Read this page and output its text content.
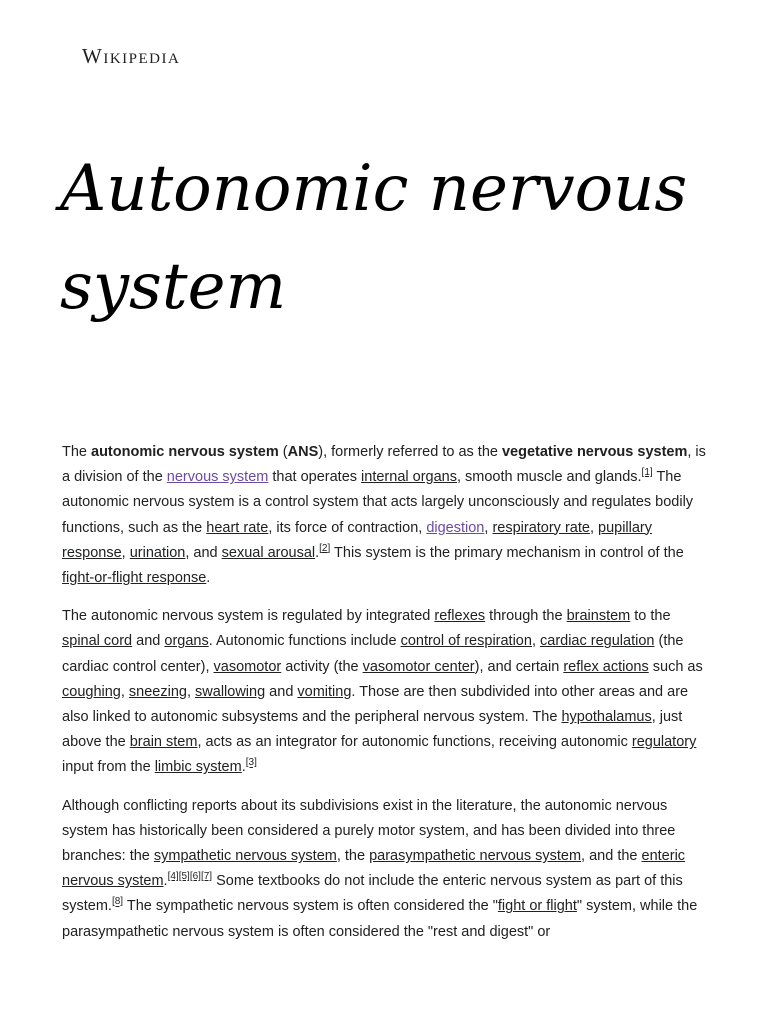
Wikipedia
Autonomic nervous system

The autonomic nervous system (ANS), formerly referred to as the vegetative nervous system, is a division of the nervous system that operates internal organs, smooth muscle and glands.[1] The autonomic nervous system is a control system that acts largely unconsciously and regulates bodily functions, such as the heart rate, its force of contraction, digestion, respiratory rate, pupillary response, urination, and sexual arousal.[2] This system is the primary mechanism in control of the fight-or-flight response.

The autonomic nervous system is regulated by integrated reflexes through the brainstem to the spinal cord and organs. Autonomic functions include control of respiration, cardiac regulation (the cardiac control center), vasomotor activity (the vasomotor center), and certain reflex actions such as coughing, sneezing, swallowing and vomiting. Those are then subdivided into other areas and are also linked to autonomic subsystems and the peripheral nervous system. The hypothalamus, just above the brain stem, acts as an integrator for autonomic functions, receiving autonomic regulatory input from the limbic system.[3]

Although conflicting reports about its subdivisions exist in the literature, the autonomic nervous system has historically been considered a purely motor system, and has been divided into three branches: the sympathetic nervous system, the parasympathetic nervous system, and the enteric nervous system.[4][5][6][7] Some textbooks do not include the enteric nervous system as part of this system.[8] The sympathetic nervous system is often considered the "fight or flight" system, while the parasympathetic nervous system is often considered the "rest and digest" or
